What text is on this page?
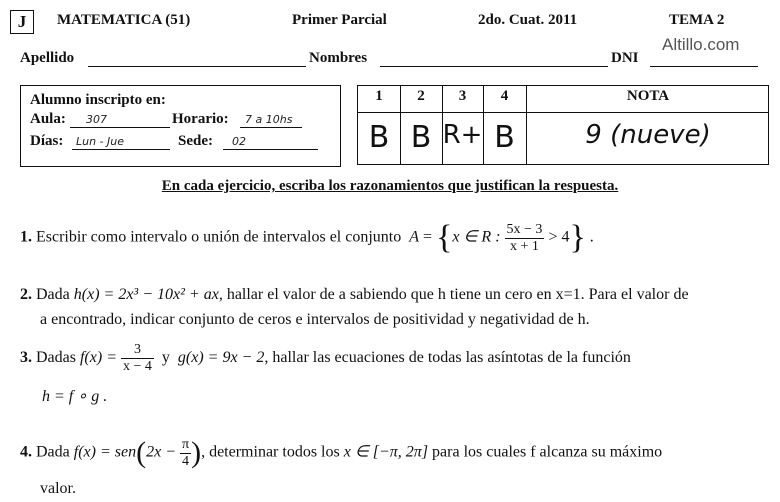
J	MATEMATICA (51)	Primer Parcial	2do. Cuat. 2011	TEMA 2
Altillo.com
Apellido	Nombres	DNI
Alumno inscripto en:
Aula: 307	Horario: 7 a 10hs
Días: Lun - Jue	Sede: 02
1	2	3	4	NOTA
B B R+ B	9 (nueve)
En cada ejercicio, escriba los razonamientos que justifican la respuesta.
1. Escribir como intervalo o unión de intervalos el conjunto A = {x ∈ R : $\frac{5x - 3}{x + 1} > 4$} .
2. Dada h(x) = 2x³ − 10x² + ax, hallar el valor de a sabiendo que h tiene un cero en x=1. Para el valor de
a encontrado, indicar conjunto de ceros e intervalos de positividad y negatividad de h.
3. Dadas $f(x) = \frac{3}{x - 4}$ y g(x) = 9x − 2, hallar las ecuaciones de todas las asíntotas de la función
h = f ∘ g .
4. Dada $f(x) = sen(2x - \frac{\pi}{4}$ ), determinar todos los x ∈ [−π, 2π] para los cuales f alcanza su máximo
valor.
